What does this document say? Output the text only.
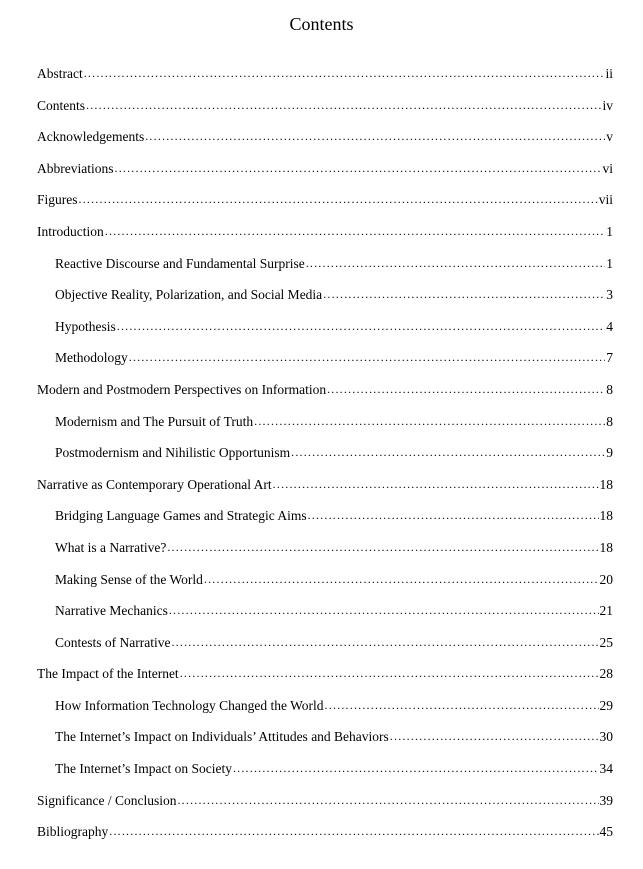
Contents
Abstract . . .	ii
Contents . . .	iv
Acknowledgements . . .	v
Abbreviations . . .	vi
Figures . . .	vii
Introduction . . .	1
Reactive Discourse and Fundamental Surprise . . .	1
Objective Reality, Polarization, and Social Media . . .	3
Hypothesis . . .	4
Methodology . . .	7
Modern and Postmodern Perspectives on Information . . .	8
Modernism and The Pursuit of Truth . . .	8
Postmodernism and Nihilistic Opportunism . . .	9
Narrative as Contemporary Operational Art . . .	18
Bridging Language Games and Strategic Aims . . .	18
What is a Narrative? . . .	18
Making Sense of the World . . .	20
Narrative Mechanics . . .	21
Contests of Narrative . . .	25
The Impact of the Internet . . .	28
How Information Technology Changed the World . . .	29
The Internet’s Impact on Individuals’ Attitudes and Behaviors . . .	30
The Internet’s Impact on Society . . .	34
Significance / Conclusion . . .	39
Bibliography . . .	45
